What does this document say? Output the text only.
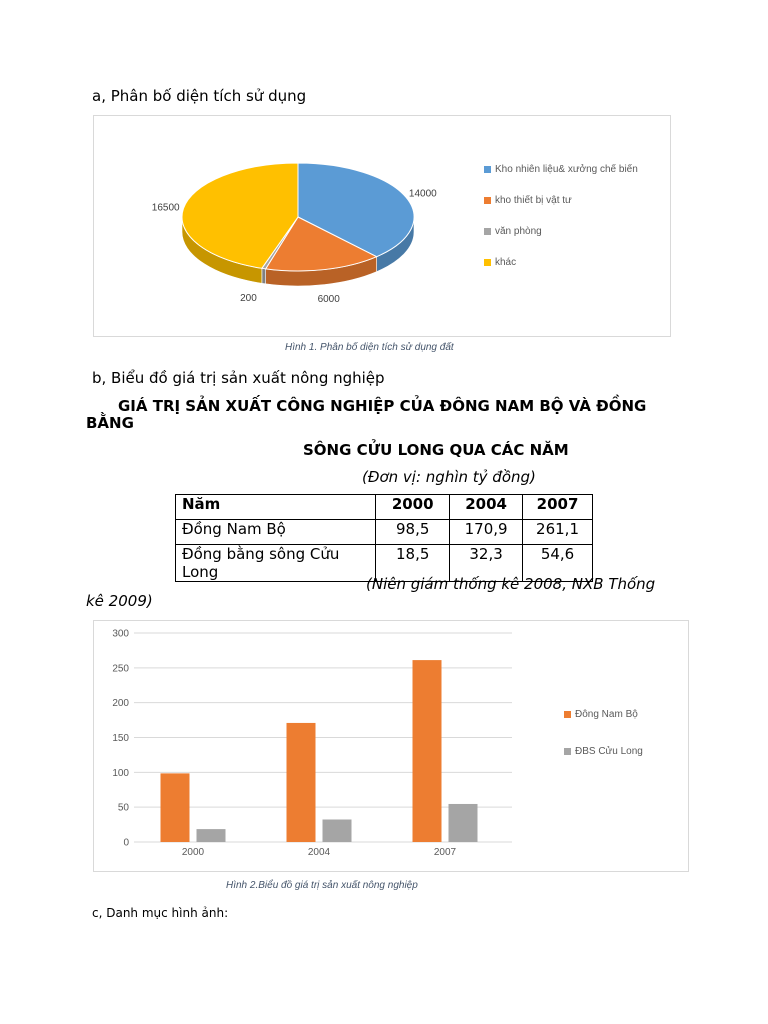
a, Phân bố diện tích sử dụng
14000
6000
200
16500
Kho nhiên liệu& xưởng chế biến
kho thiết bị vật tư
văn phòng
khác
Hình 1. Phân bố diện tích sử dụng đất
b, Biểu đồ giá trị sản xuất nông nghiệp
GIÁ TRỊ SẢN XUẤT CÔNG NGHIỆP CỦA ĐÔNG NAM BỘ VÀ ĐỒNG
BẰNG
SÔNG CỬU LONG QUA CÁC NĂM
(Đơn vị: nghìn tỷ đồng)
Năm	2000	2004	2007
Đồng Nam Bộ	98,5	170,9	261,1
Đồng bằng sông Cửu Long	18,5	32,3	54,6
(Niên giám thống kê 2008, NXB Thống
kê 2009)
0
50
100
150
200
250
300
2000	2004	2007
Đông Nam Bộ
ĐBS Cửu Long
Hình 2.Biểu đồ giá trị sản xuất nông nghiệp
c, Danh mục hình ảnh:
